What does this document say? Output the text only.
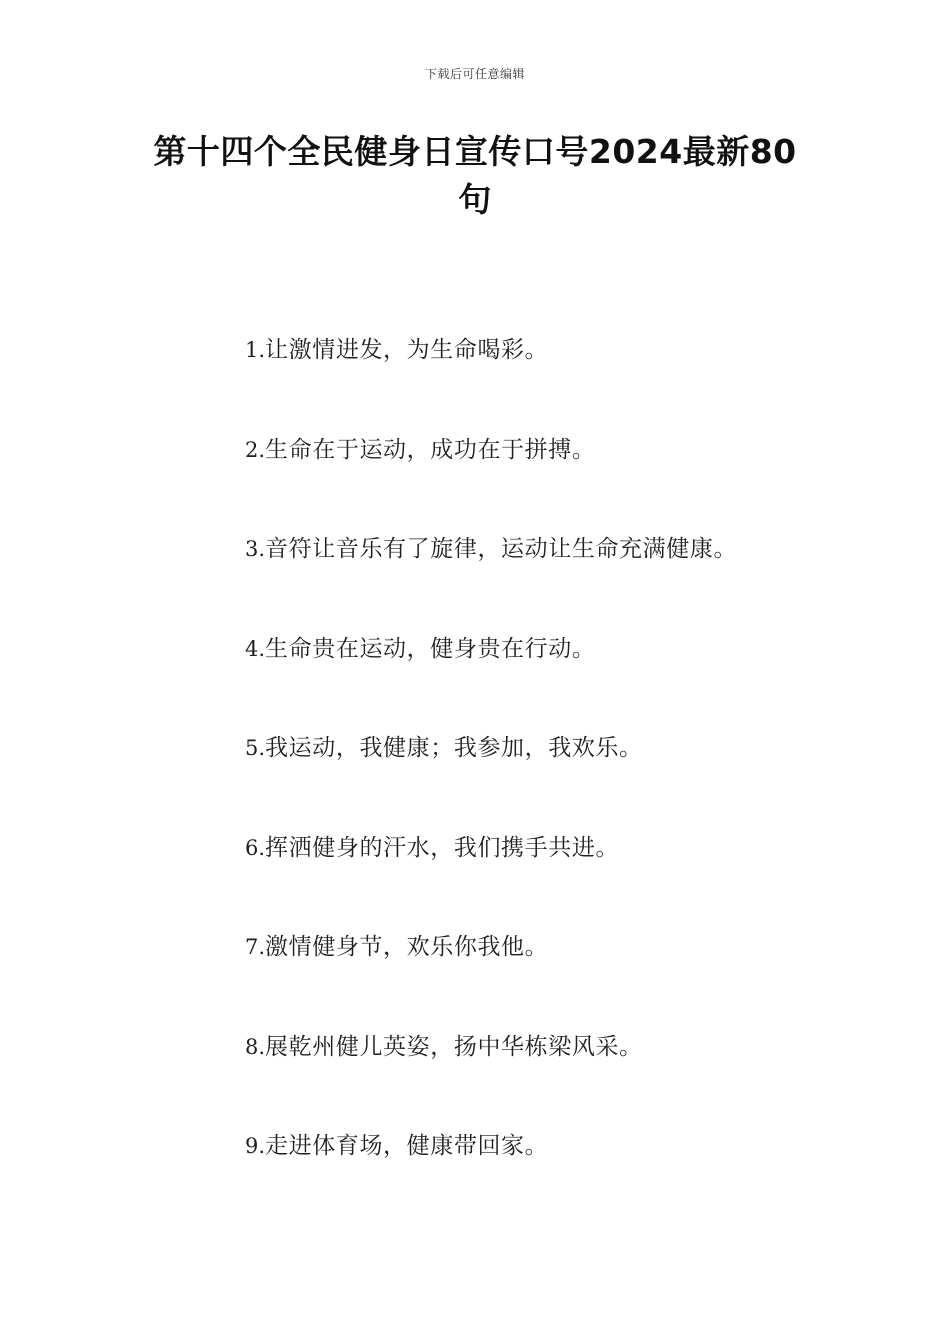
下载后可任意编辑
第十四个全民健身日宣传口号2024最新80句
1. 让激情进发，为生命喝彩。
2. 生命在于运动，成功在于拼搏。
3. 音符让音乐有了旋律，运动让生命充满健康。
4. 生命贵在运动，健身贵在行动。
5. 我运动，我健康；我参加，我欢乐。
6. 挥洒健身的汗水，我们携手共进。
7. 激情健身节，欢乐你我他。
8. 展乾州健儿英姿，扬中华栋梁风采。
9. 走进体育场，健康带回家。
